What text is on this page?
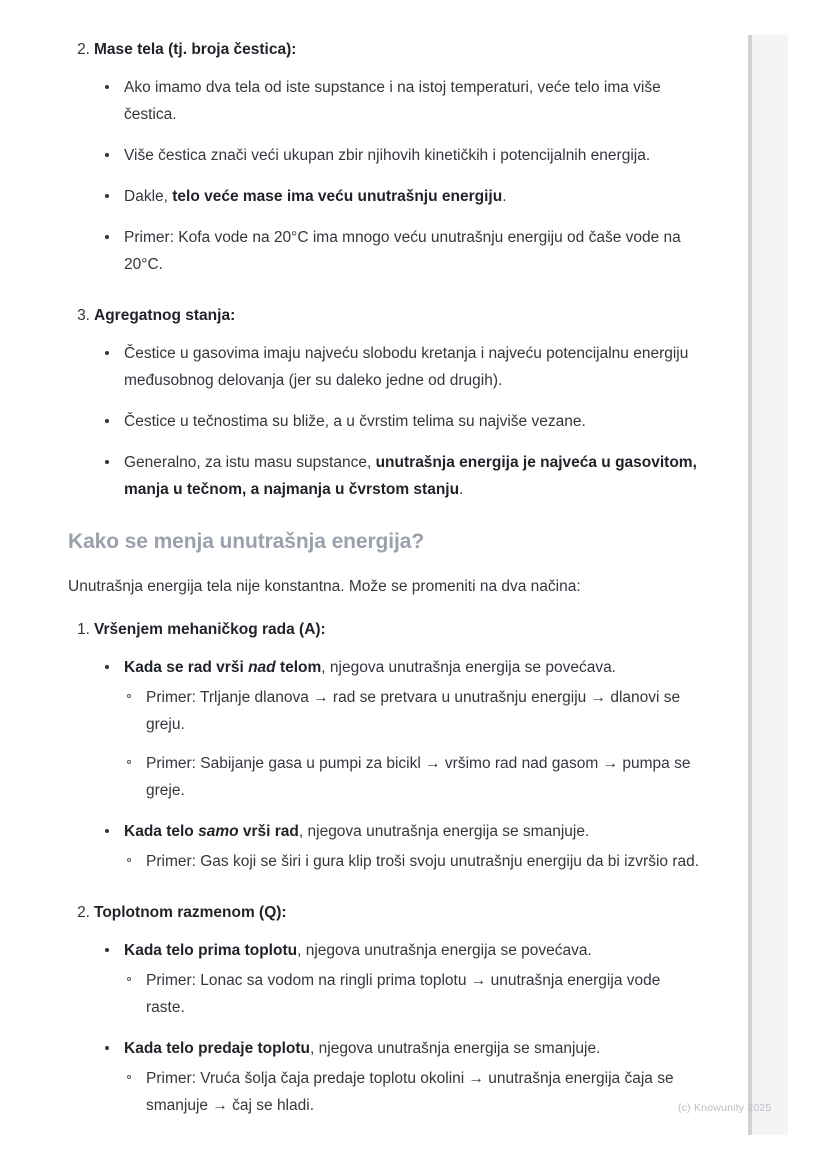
2. Mase tela (tj. broja čestica):
Ako imamo dva tela od iste supstance i na istoj temperaturi, veće telo ima više čestica.
Više čestica znači veći ukupan zbir njihovih kinetičkih i potencijalnih energija.
Dakle, telo veće mase ima veću unutrašnju energiju.
Primer: Kofa vode na 20°C ima mnogo veću unutrašnju energiju od čaše vode na 20°C.
3. Agregatnog stanja:
Čestice u gasovima imaju najveću slobodu kretanja i najveću potencijalnu energiju međusobnog delovanja (jer su daleko jedne od drugih).
Čestice u tečnostima su bliže, a u čvrstim telima su najviše vezane.
Generalno, za istu masu supstance, unutrašnja energija je najveća u gasovitom, manja u tečnom, a najmanja u čvrstom stanju.
Kako se menja unutrašnja energija?

Unutrašnja energija tela nije konstantna. Može se promeniti na dva načina:

1. Vršenjem mehaničkog rada (A):
Kada se rad vrši nad telom, njegova unutrašnja energija se povećava.
Primer: Trljanje dlanova → rad se pretvara u unutrašnju energiju → dlanovi se greju.
Primer: Sabijanje gasa u pumpi za bicikl → vršimo rad nad gasom → pumpa se greje.
Kada telo samo vrši rad, njegova unutrašnja energija se smanjuje.
Primer: Gas koji se širi i gura klip troši svoju unutrašnju energiju da bi izvršio rad.
2. Toplotnom razmenom (Q):
Kada telo prima toplotu, njegova unutrašnja energija se povećava.
Primer: Lonac sa vodom na ringli prima toplotu → unutrašnja energija vode raste.
Kada telo predaje toplotu, njegova unutrašnja energija se smanjuje.
Primer: Vruća šolja čaja predaje toplotu okolini → unutrašnja energija čaja se smanjuje → čaj se hladi.	(c) Knowunity 2025
